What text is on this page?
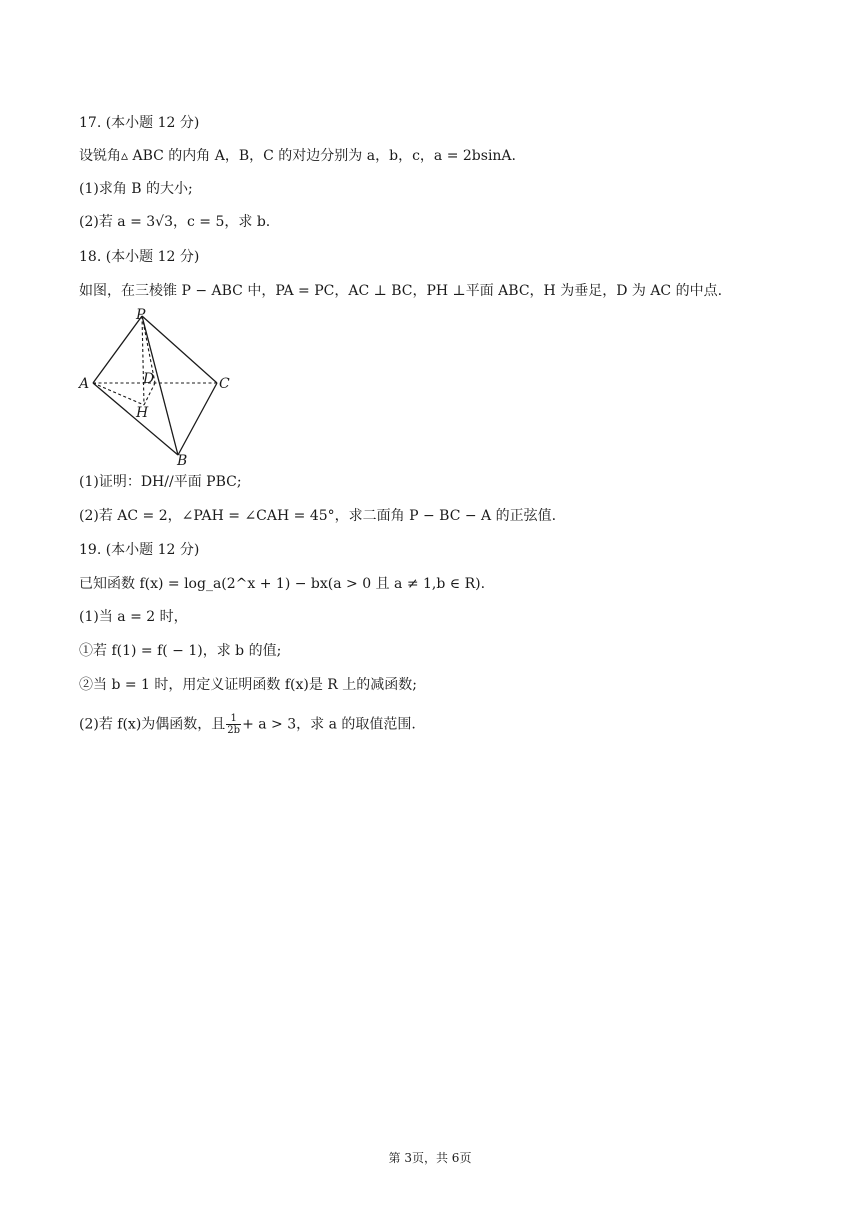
17. (本小题 12 分)

设锐角▵ ABC 的内角 A，B，C 的对边分别为 a，b，c，a = 2bsinA.

(1)求角 B 的大小;

(2)若 a = 3√3，c = 5，求 b.

18. (本小题 12 分)

如图，在三棱锥 P − ABC 中，PA = PC，AC ⊥ BC，PH ⊥平面 ABC，H 为垂足，D 为 AC 的中点.

P
A	D	C
H
B

(1)证明：DH//平面 PBC;

(2)若 AC = 2，∠PAH = ∠CAH = 45°，求二面角 P − BC − A 的正弦值.

19. (本小题 12 分)

已知函数 f(x) = log_a(2^x + 1) − bx(a > 0 且 a ≠ 1,b ∈ R).

(1)当 a = 2 时，

①若 f(1) = f( − 1)，求 b 的值;

②当 b = 1 时，用定义证明函数 f(x)是 R 上的减函数;

(2)若 f(x)为偶函数，且 $\frac{1}{2b} + a > 3$，求 a 的取值范围.

第 3页，共 6页
